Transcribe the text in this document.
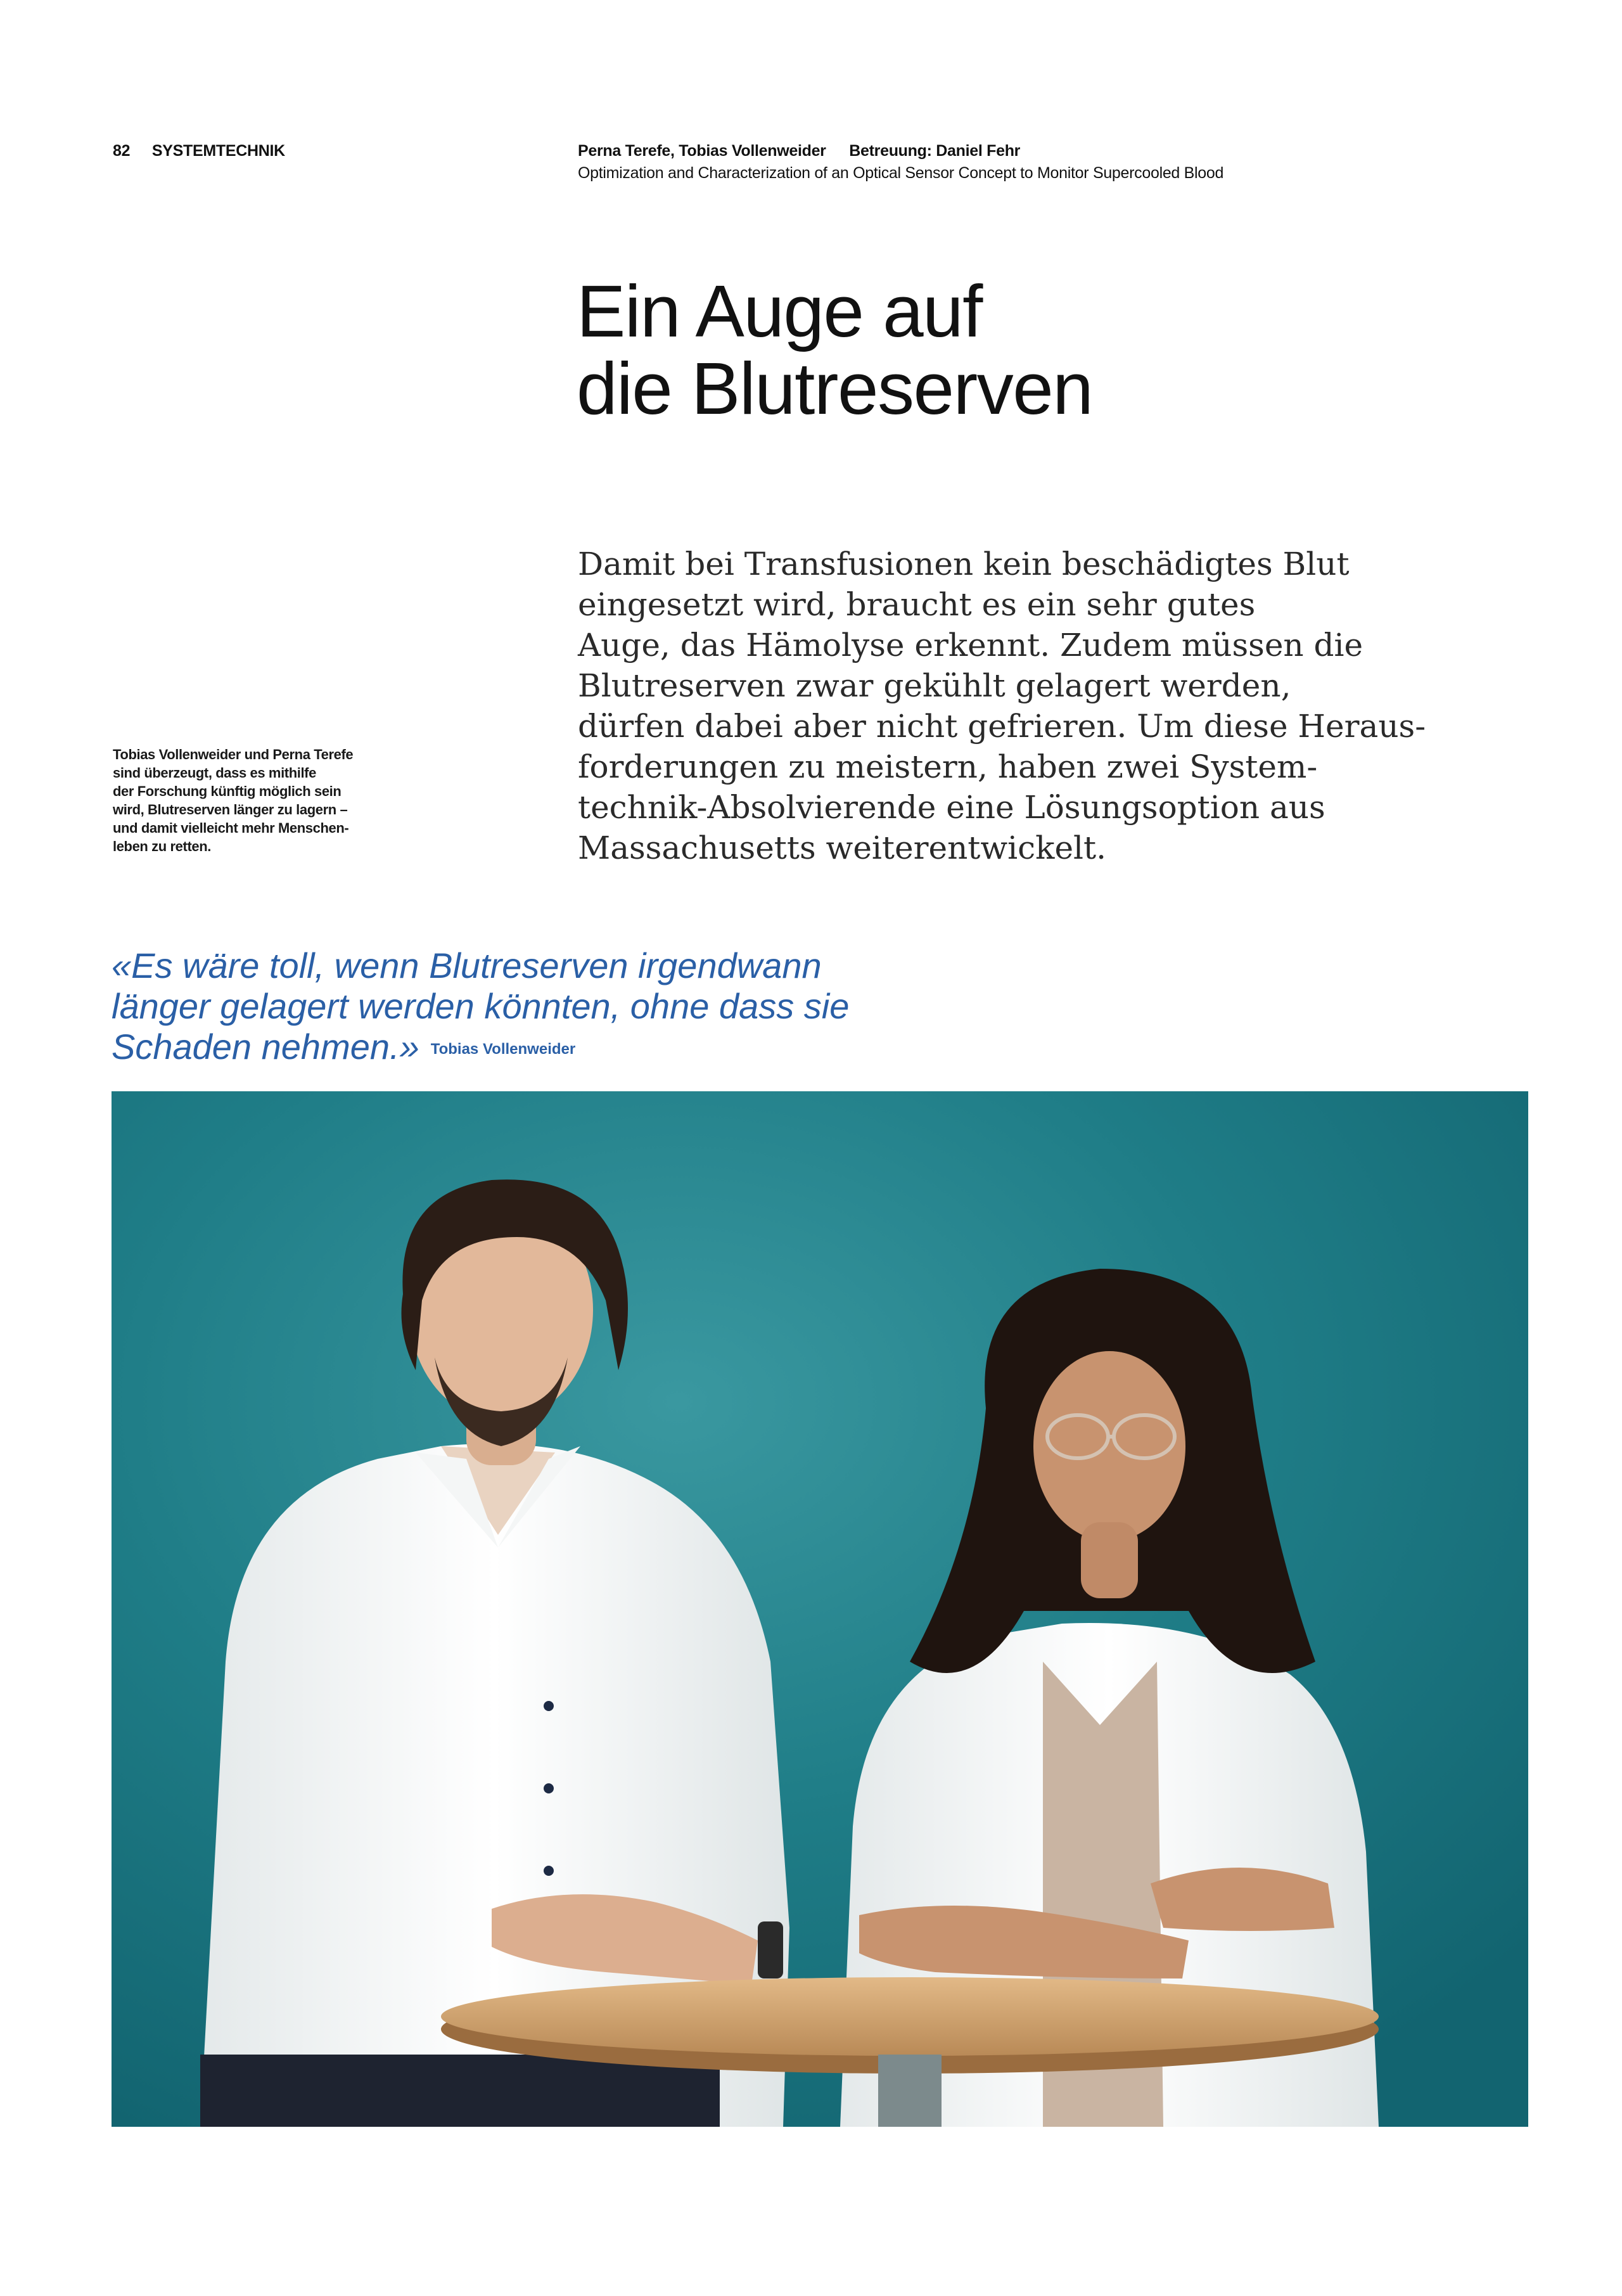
82 SYSTEMTECHNIK	Perna Terefe, Tobias Vollenweider Betreuung: Daniel Fehr
Optimization and Characterization of an Optical Sensor Concept to Monitor Supercooled Blood
Ein Auge auf
die Blutreserven

Damit bei Transfusionen kein beschädigtes Blut
eingesetzt wird, braucht es ein sehr gutes
Auge, das Hämolyse erkennt. Zudem müssen die
Blutreserven zwar gekühlt gelagert werden,
dürfen dabei aber nicht gefrieren. Um diese Heraus-
forderungen zu meistern, haben zwei System-
technik-Absolvierende eine Lösungsoption aus
Massachusetts weiterentwickelt.

Tobias Vollenweider und Perna Terefe
sind überzeugt, dass es mithilfe
der Forschung künftig möglich sein
wird, Blutreserven länger zu lagern –
und damit vielleicht mehr Menschen-
leben zu retten.

«Es wäre toll, wenn Blutreserven irgendwann
länger gelagert werden könnten, ohne dass sie
Schaden nehmen.» Tobias Vollenweider
